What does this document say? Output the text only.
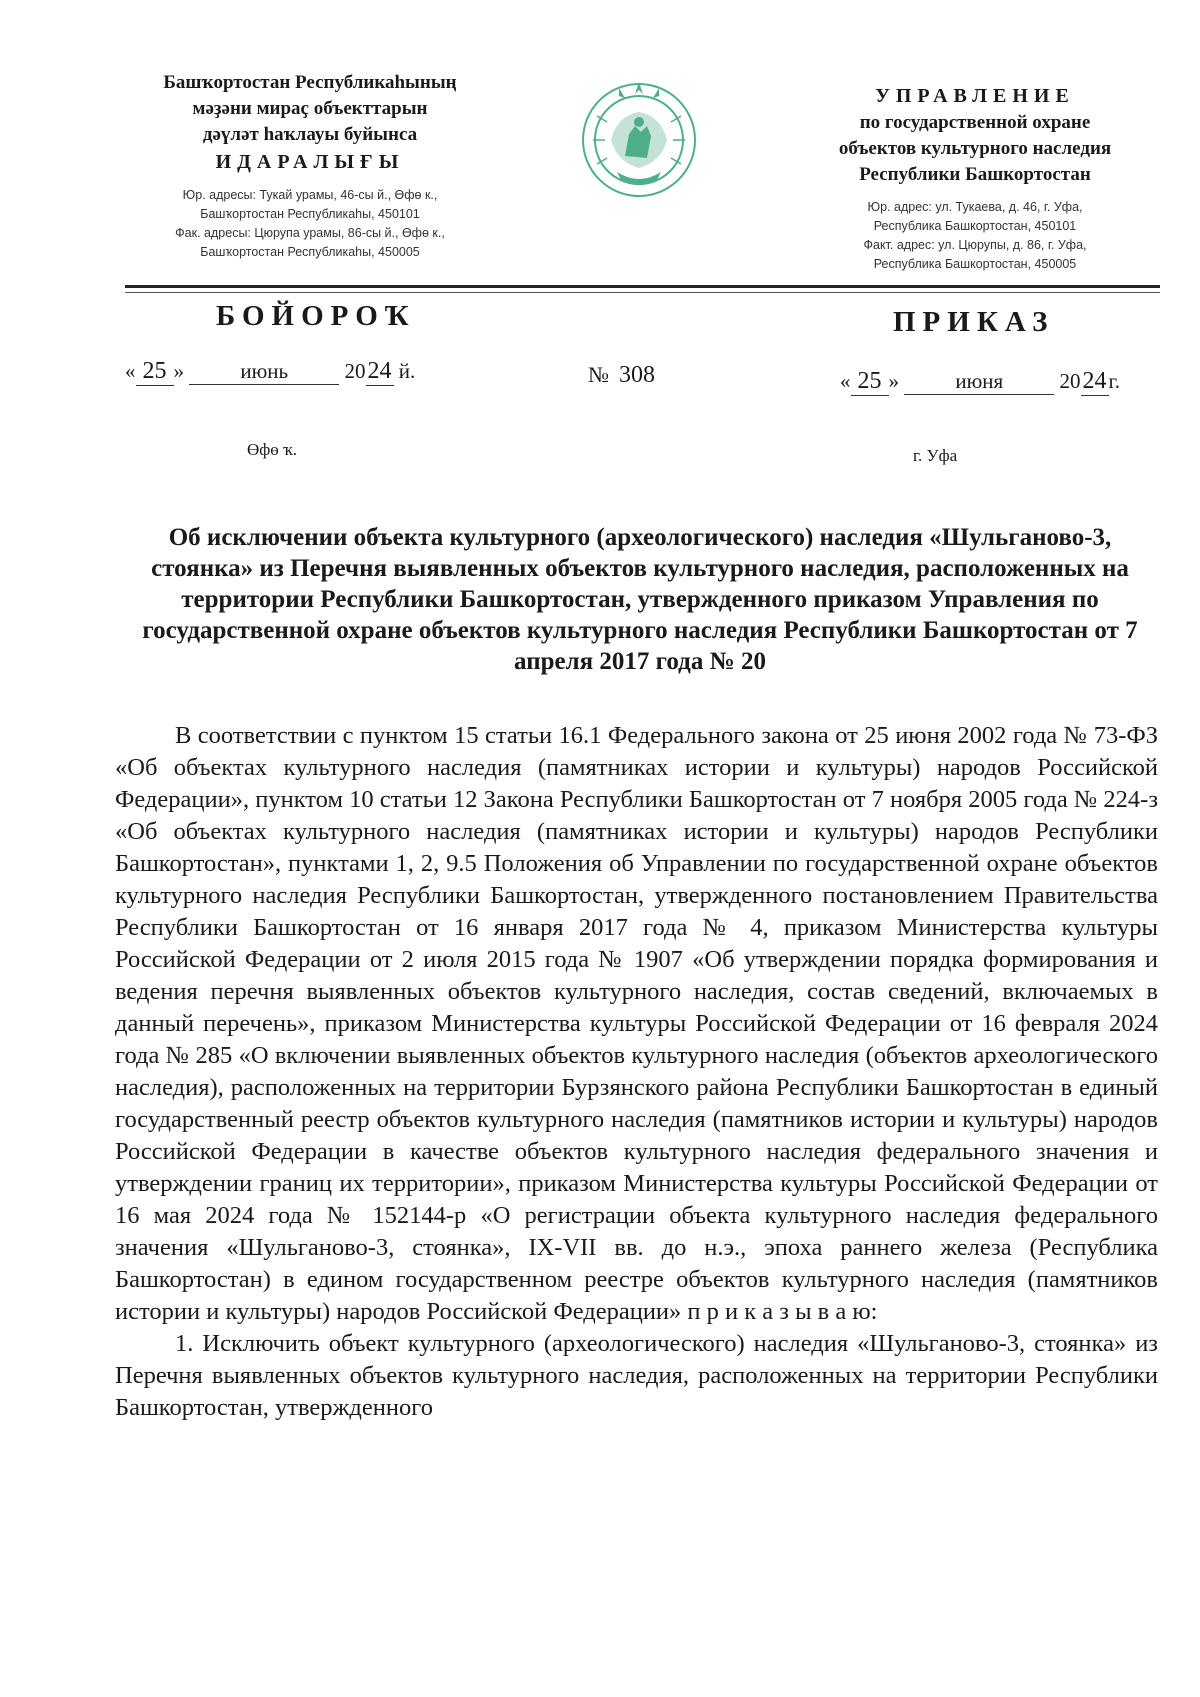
Башҡортостан Республикаһының
мәҙәни мираҫ объекттарын
дәүләт һаҡлауы буйынса
ИДАРАЛЫҒЫ
Юр. адресы: Тукай урамы, 46-сы й., Өфө к.,
Башҡортостан Республикаһы, 450101
Фак. адресы: Цюрупа урамы, 86-сы й., Өфө к.,
Башҡортостан Республикаһы, 450005
УПРАВЛЕНИЕ
по государственной охране
объектов культурного наследия
Республики Башкортостан
Юр. адрес: ул. Тукаева, д. 46, г. Уфа,
Республика Башкортостан, 450101
Факт. адрес: ул. Цюрупы, д. 86, г. Уфа,
Республика Башкортостан, 450005
БОЙОРОҠ	ПРИКАЗ
« 25 »	июнь	2024 й.	№ 308	« 25 »	июня	2024г.
Өфө ҡ.	г. Уфа
Об исключении объекта культурного (археологического) наследия «Шульганово-3, стоянка» из Перечня выявленных объектов культурного наследия, расположенных на территории Республики Башкортостан, утвержденного приказом Управления по государственной охране объектов культурного наследия Республики Башкортостан от 7 апреля 2017 года № 20

В соответствии с пунктом 15 статьи 16.1 Федерального закона от 25 июня 2002 года № 73-ФЗ «Об объектах культурного наследия (памятниках истории и культуры) народов Российской Федерации», пунктом 10 статьи 12 Закона Республики Башкортостан от 7 ноября 2005 года № 224-з «Об объектах культурного наследия (памятниках истории и культуры) народов Республики Башкортостан», пунктами 1, 2, 9.5 Положения об Управлении по государственной охране объектов культурного наследия Республики Башкортостан, утвержденного постановлением Правительства Республики Башкортостан от 16 января 2017 года № 4, приказом Министерства культуры Российской Федерации от 2 июля 2015 года № 1907 «Об утверждении порядка формирования и ведения перечня выявленных объектов культурного наследия, состав сведений, включаемых в данный перечень», приказом Министерства культуры Российской Федерации от 16 февраля 2024 года № 285 «О включении выявленных объектов культурного наследия (объектов археологического наследия), расположенных на территории Бурзянского района Республики Башкортостан в единый государственный реестр объектов культурного наследия (памятников истории и культуры) народов Российской Федерации в качестве объектов культурного наследия федерального значения и утверждении границ их территории», приказом Министерства культуры Российской Федерации от 16 мая 2024 года № 152144-р «О регистрации объекта культурного наследия федерального значения «Шульганово-3, стоянка», IX-VII вв. до н.э., эпоха раннего железа (Республика Башкортостан) в едином государственном реестре объектов культурного наследия (памятников истории и культуры) народов Российской Федерации» п р и к а з ы в а ю:

1. Исключить объект культурного (археологического) наследия «Шульганово-3, стоянка» из Перечня выявленных объектов культурного наследия, расположенных на территории Республики Башкортостан, утвержденного
